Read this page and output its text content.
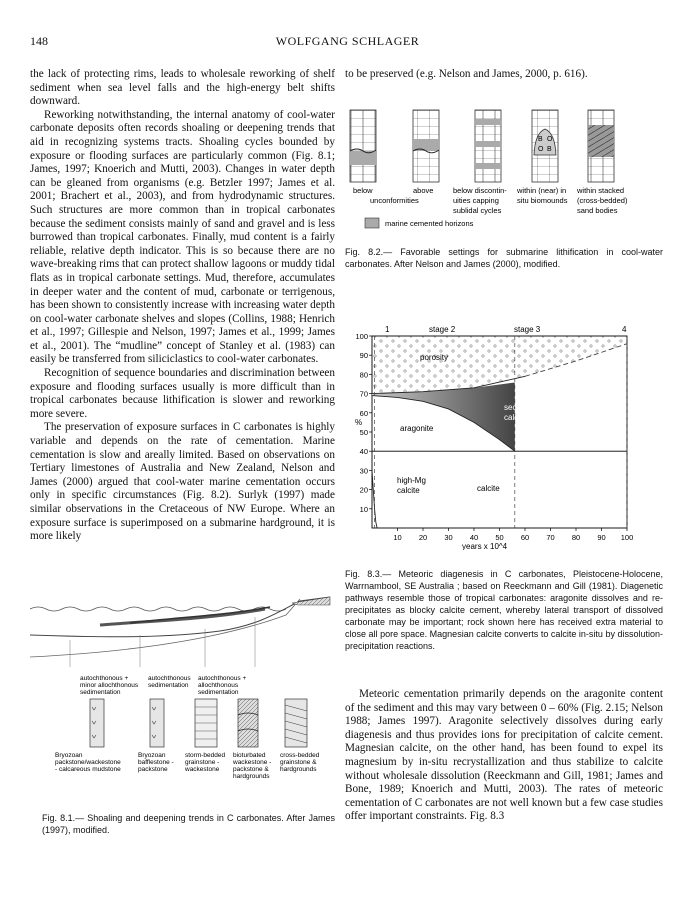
148	WOLFGANG SCHLAGER

the lack of protecting rims, leads to wholesale reworking of shelf sediment when sea level falls and the high-energy belt shifts downward.

Reworking notwithstanding, the internal anatomy of cool-water carbonate deposits often records shoaling or deepening trends that aid in recognizing systems tracts. Shoaling cycles bounded by exposure or flooding surfaces are particularly common (Fig. 8.1; James, 1997; Knoerich and Mutti, 2003). Changes in water depth can be gleaned from organisms (e.g. Betzler 1997; James et al. 2001; Brachert et al., 2003), and from hydrodynamic structures. Such structures are more common than in tropical carbonates because the sediment consists mainly of sand and gravel and is less burrowed than tropical carbonates. Finally, mud content is a fairly reliable, relative depth indicator. This is so because there are no wave-breaking rims that can protect shallow lagoons or muddy tidal flats as in tropical carbonate settings. Mud, therefore, accumulates in deeper water and the content of mud, carbonate or terrigenous, has been shown to consistently increase with increasing water depth on cool-water carbonate shelves and slopes (Collins, 1988; Henrich et al., 1997; Gillespie and Nelson, 1997; James et al., 1999; James et al., 2001). The “mudline” concept of Stanley et al. (1983) can easily be transferred from siliciclastics to cool-water carbonates.

Recognition of sequence boundaries and discrimination between exposure and flooding surfaces usually is more difficult than in tropical carbonates because lithification is slower and reworking more severe.

The preservation of exposure surfaces in C carbonates is highly variable and depends on the rate of cementation. Marine cementation is slow and areally limited. Based on observations on Tertiary limestones of Australia and New Zealand, Nelson and James (2000) argued that cool-water marine cementation occurs only in specific circumstances (Fig. 8.2). Surlyk (1997) made similar observations in the Cretaceous of NW Europe. Where an exposure surface is superimposed on a submarine hardground, it is more likely

to be preserved (e.g. Nelson and James, 2000, p. 616).
B O
O B
below	above
unconformities
below discontin-
uities capping
sublidal cycles
within (near) in
situ biomounds
within stacked
(cross-bedded)
sand bodies
marine cemented horizons
Fig. 8.2.— Favorable settings for submarine lithification in cool-water carbonates. After Nelson and James (2000), modified.
10
20
30
40
50
60
70
80
90
100
10 20 30 40 50 60 70 80 90 100
%
years x 10^4
1	stage 2	stage 3	4
porosity
aragonite
secondary
calcite
high-Mg
calcite	calcite
Fig. 8.3.— Meteoric diagenesis in C carbonates, Pleistocene-Holocene, Warrnambool, SE Australia ; based on Reeckmann and Gill (1981). Diagenetic pathways resemble those of tropical carbonates: aragonite dissolves and re-precipitates as blocky calcite cement, whereby lateral transport of dissolved carbonate may be important; rock shown here has received extra material to close all pore space. Magnesian calcite converts to calcite in-situ by dissolution-precipitation reactions.
autochthonous +
minor allochthonous
sedimentation
autochthonous
sedimentation
autochthonous +
allochthonous
sedimentation
Bryozoan
packstone/wackestone
- calcareous mudstone
Bryozoan
bafflestone -
packstone
storm-bedded
grainstone -
wackestone
bioturbated
wackestone -
packstone &
hardgrounds
cross-bedded
grainstone &
hardgrounds
Fig. 8.1.— Shoaling and deepening trends in C carbonates. After James (1997), modified.
Meteoric cementation primarily depends on the aragonite content of the sediment and this may vary between 0 – 60% (Fig. 2.15; Nelson 1988; James 1997). Aragonite selectively dissolves during early diagenesis and thus provides ions for precipitation of calcite cement. Magnesian calcite, on the other hand, has been found to expel its magnesium by in-situ recrystallization and thus stabilize to calcite without wholesale dissolution (Reeckmann and Gill, 1981; James and Bone, 1989; Knoerich and Mutti, 2003). The rates of meteoric cementation of C carbonates are not well known but a few case studies offer important constraints. Fig. 8.3
